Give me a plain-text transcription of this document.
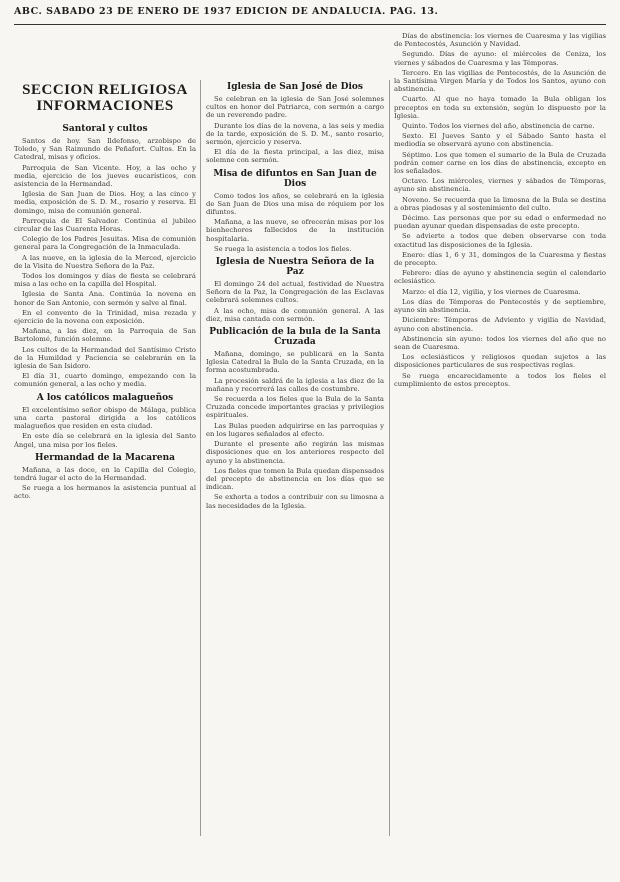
ABC. SABADO 23 DE ENERO DE 1937 EDICION DE ANDALUCIA. PAG. 13.
SECCION RELIGIOSA INFORMACIONES
Santoral y cultos

Santos de hoy. San Ildefonso, arzobispo de Toledo, y San Raimundo de Peñafort. Cultos. En la Catedral, misas y oficios.

Parroquia de San Vicente. Hoy, a las ocho y media, ejercicio de los jueves eucarísticos, con asistencia de la Hermandad.

Iglesia de San Juan de Dios. Hoy, a las cinco y media, exposición de S. D. M., rosario y reserva. El domingo, misa de comunión general.

Parroquia de El Salvador. Continúa el jubileo circular de las Cuarenta Horas.

Colegio de los Padres Jesuitas. Misa de comunión general para la Congregación de la Inmaculada.

A las nueve, en la iglesia de la Merced, ejercicio de la Visita de Nuestra Señora de la Paz.

Todos los domingos y días de fiesta se celebrará misa a las ocho en la capilla del Hospital.

Iglesia de Santa Ana. Continúa la novena en honor de San Antonio, con sermón y salve al final.

En el convento de la Trinidad, misa rezada y ejercicio de la novena con exposición.

Mañana, a las diez, en la Parroquia de San Bartolomé, función solemne.

Los cultos de la Hermandad del Santísimo Cristo de la Humildad y Paciencia se celebrarán en la iglesia de San Isidoro.

El día 31, cuarto domingo, empezando con la comunión general, a las ocho y media.

A los católicos malagueños

El excelentísimo señor obispo de Málaga, publica una carta pastoral dirigida a los católicos malagueños que residen en esta ciudad.

En este día se celebrará en la iglesia del Santo Ángel, una misa por los fieles.

Hermandad de la Macarena

Mañana, a las doce, en la Capilla del Colegio, tendrá lugar el acto de la Hermandad.

Se ruega a los hermanos la asistencia puntual al acto.

Iglesia de San José de Dios

Se celebran en la iglesia de San José solemnes cultos en honor del Patriarca, con sermón a cargo de un reverendo padre.

Durante los días de la novena, a las seis y media de la tarde, exposición de S. D. M., santo rosario, sermón, ejercicio y reserva.

El día de la fiesta principal, a las diez, misa solemne con sermón.

Misa de difuntos en San Juan de Dios

Como todos los años, se celebrará en la iglesia de San Juan de Dios una misa de réquiem por los difuntos.

Mañana, a las nueve, se ofrecerán misas por los bienhechores fallecidos de la institución hospitalaria.

Se ruega la asistencia a todos los fieles.

Iglesia de Nuestra Señora de la Paz

El domingo 24 del actual, festividad de Nuestra Señora de la Paz, la Congregación de las Esclavas celebrará solemnes cultos.

A las ocho, misa de comunión general. A las diez, misa cantada con sermón.

Publicación de la bula de la Santa Cruzada

Mañana, domingo, se publicará en la Santa Iglesia Catedral la Bula de la Santa Cruzada, en la forma acostumbrada.

La procesión saldrá de la iglesia a las diez de la mañana y recorrerá las calles de costumbre.

Se recuerda a los fieles que la Bula de la Santa Cruzada concede importantes gracias y privilegios espirituales.

Las Bulas pueden adquirirse en las parroquias y en los lugares señalados al efecto.

Durante el presente año regirán las mismas disposiciones que en los anteriores respecto del ayuno y la abstinencia.

Los fieles que tomen la Bula quedan dispensados del precepto de abstinencia en los días que se indican.

Se exhorta a todos a contribuir con su limosna a las necesidades de la Iglesia.

Días de abstinencia: los viernes de Cuaresma y las vigilias de Pentecostés, Asunción y Navidad.

Segundo. Días de ayuno: el miércoles de Ceniza, los viernes y sábados de Cuaresma y las Témporas.

Tercero. En las vigilias de Pentecostés, de la Asunción de la Santísima Virgen María y de Todos los Santos, ayuno con abstinencia.

Cuarto. Al que no haya tomado la Bula obligan los preceptos en toda su extensión, según lo dispuesto por la Iglesia.

Quinto. Todos los viernes del año, abstinencia de carne.

Sexto. El Jueves Santo y el Sábado Santo hasta el mediodía se observará ayuno con abstinencia.

Séptimo. Los que tomen el sumario de la Bula de Cruzada podrán comer carne en los días de abstinencia, excepto en los señalados.

Octavo. Los miércoles, viernes y sábados de Témporas, ayuno sin abstinencia.

Noveno. Se recuerda que la limosna de la Bula se destina a obras piadosas y al sostenimiento del culto.

Décimo. Las personas que por su edad o enfermedad no puedan ayunar quedan dispensadas de este precepto.

Se advierte a todos que deben observarse con toda exactitud las disposiciones de la Iglesia.

Enero: días 1, 6 y 31, domingos de la Cuaresma y fiestas de precepto.

Febrero: días de ayuno y abstinencia según el calendario eclesiástico.

Marzo: el día 12, vigilia, y los viernes de Cuaresma.

Los días de Témporas de Pentecostés y de septiembre, ayuno sin abstinencia.

Diciembre: Témporas de Adviento y vigilia de Navidad, ayuno con abstinencia.

Abstinencia sin ayuno: todos los viernes del año que no sean de Cuaresma.

Los eclesiásticos y religiosos quedan sujetos a las disposiciones particulares de sus respectivas reglas.

Se ruega encarecidamente a todos los fieles el cumplimiento de estos preceptos.
